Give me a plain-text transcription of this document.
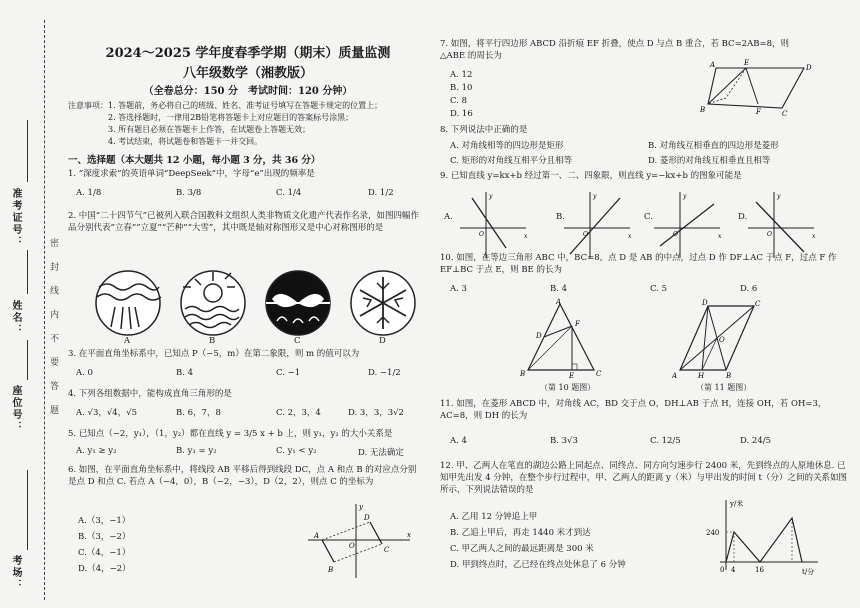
准考证号：
姓名：
座位号：
考场：
密 封 线 内 不 要 答 题
2024～2025 学年度春季学期（期末）质量监测
八年级数学（湘教版）
（全卷总分：150 分　考试时间：120 分钟）
注意事项：1. 答题前，务必将自己的班级、姓名、准考证号填写在答题卡规定的位置上；
　　　　　2. 答选择题时，一律用2B铅笔将答题卡上对应题目的答案标号涂黑；
　　　　　3. 所有题目必须在答题卡上作答，在试题卷上答题无效；
　　　　　4. 考试结束，将试题卷和答题卡一并交回。
一、选择题（本大题共 12 小题，每小题 3 分，共 36 分）
1. “深度求索”的英语单词“DeepSeek”中，字母“e”出现的频率是
A. 1/8	B. 3/8	C. 1/4	D. 1/2
2. 中国“二十四节气”已被列入联合国教科文组织人类非物质文化遗产代表作名录，如图四幅作品分别代表“立春”“立夏”“芒种”“大雪”，其中既是轴对称图形又是中心对称图形的是
A	B	C	D
3. 在平面直角坐标系中，已知点 P（−5，m）在第二象限，则 m 的值可以为
A. 0	B. 4	C. −1	D. −1/2
4. 下列各组数据中，能构成直角三角形的是
A. √3，√4，√5	B. 6，7，8	C. 2，3，4	D. 3，3，3√2
5. 已知点（−2，y₁），（1，y₂）都在直线 y = 3/5 x + b 上，则 y₁，y₂ 的大小关系是
A. y₁ ≥ y₂	B. y₁ = y₂	C. y₁ < y₂	D. 无法确定
6. 如图，在平面直角坐标系中，将线段 AB 平移后得到线段 DC，点 A 和点 B 的对应点分别是点 D 和点 C. 若点 A（−4，0），B（−2，−3），D（2，2），则点 C 的坐标为
A.（3，−1）
B.（3，−2）
C.（4，−1）
D.（4，−2）
x
y
O
A
B
C
D
7. 如图，将平行四边形 ABCD 沿折痕 EF 折叠，使点 D 与点 B 重合，若 BC=2AB=8，则△ABE 的周长为
A. 12
B. 10
C. 8
D. 16
A	E
D
B	F	C
8. 下列说法中正确的是
A. 对角线相等的四边形是矩形	B. 对角线互相垂直的四边形是菱形
C. 矩形的对角线互相平分且相等	D. 菱形的对角线互相垂直且相等
9. 已知直线 y=kx+b 经过第一、二、四象限，则直线 y=−kx+b 的图象可能是
x
y
O	x
y
O	x
y
O	x
y
O
A.	B.	C.	D.
10. 如图，在等边三角形 ABC 中，BC=8，点 D 是 AB 的中点，过点 D 作 DF⊥AC 于点 F，过点 F 作 EF⊥BC 于点 E，则 BE 的长为
A. 3	B. 4	C. 5	D. 6
A
D
F
B	E	C
（第 10 题图）
A	H	B
C
D
O
（第 11 题图）
11. 如图，在菱形 ABCD 中，对角线 AC，BD 交于点 O，DH⊥AB 于点 H，连接 OH，若 OH=3，AC=8，则 DH 的长为
A. 4	B. 3√3	C. 12/5	D. 24/5
12. 甲、乙两人在笔直的湖边公路上同起点、同终点、同方向匀速步行 2400 米，先到终点的人原地休息. 已知甲先出发 4 分钟，在整个步行过程中，甲、乙两人的距离 y（米）与甲出发的时间 t（分）之间的关系如图所示，下列说法错误的是
A. 乙用 12 分钟追上甲
B. 乙追上甲后，再走 1440 米才到达
C. 甲乙两人之间的最远距离是 300 米
D. 甲到终点时，乙已经在终点处休息了 6 分钟
y/米
t/分
240
0 4	16
